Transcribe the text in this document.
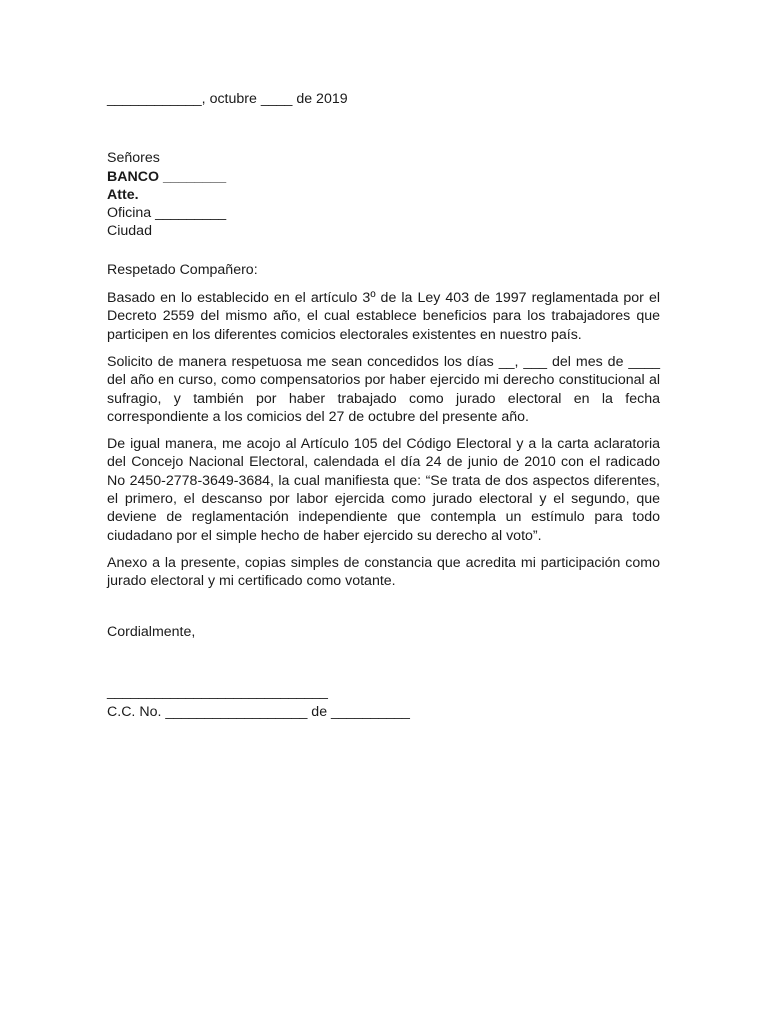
____________, octubre ____ de 2019
Señores
BANCO ________
Atte.
Oficina _________
Ciudad
Respetado Compañero:
Basado en lo establecido en el artículo 3º de la Ley 403 de 1997 reglamentada por el Decreto 2559 del mismo año, el cual establece beneficios para los trabajadores que participen en los diferentes comicios electorales existentes en nuestro país.
Solicito de manera respetuosa me sean concedidos los días __, ___ del mes de ____ del año en curso, como compensatorios por haber ejercido mi derecho constitucional al sufragio, y también por haber trabajado como jurado electoral en la fecha correspondiente a los comicios del 27 de octubre del presente año.
De igual manera, me acojo al Artículo 105 del Código Electoral y a la carta aclaratoria del Concejo Nacional Electoral, calendada el día 24 de junio de 2010 con el radicado No 2450-2778-3649-3684, la cual manifiesta que: “Se trata de dos aspectos diferentes, el primero, el descanso por labor ejercida como jurado electoral y el segundo, que deviene de reglamentación independiente que contempla un estímulo para todo ciudadano por el simple hecho de haber ejercido su derecho al voto”.
Anexo a la presente, copias simples de constancia que acredita mi participación como jurado electoral y mi certificado como votante.
Cordialmente,
____________________________
C.C. No. __________________ de __________
